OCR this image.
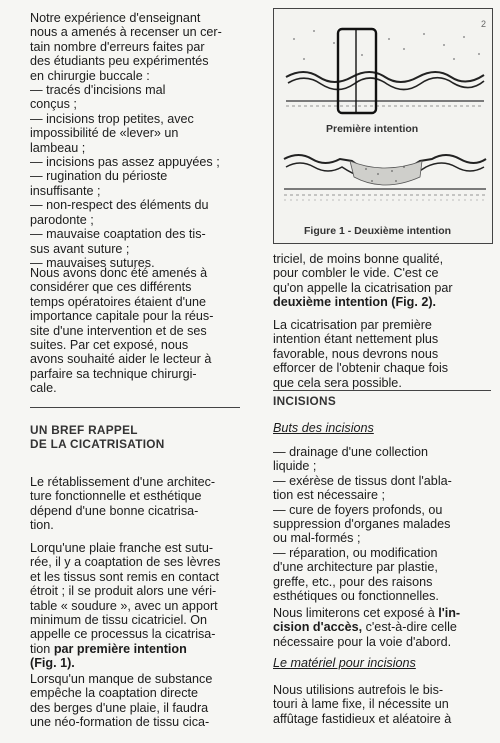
Notre expérience d'enseignant
nous a amenés à recenser un cer-
tain nombre d'erreurs faites par
des étudiants peu expérimentés
en chirurgie buccale :
— tracés d'incisions mal
conçus ;
— incisions trop petites, avec
impossibilité de «lever» un
lambeau ;
— incisions pas assez appuyées ;
— rugination du périoste
insuffisante ;
— non-respect des éléments du
parodonte ;
— mauvaise coaptation des tis-
sus avant suture ;
— mauvaises sutures.

Nous avons donc été amenés à
considérer que ces différents
temps opératoires étaient d'une
importance capitale pour la réus-
site d'une intervention et de ses
suites. Par cet exposé, nous
avons souhaité aider le lecteur à
parfaire sa technique chirurgi-
cale.

UN BREF RAPPEL
DE LA CICATRISATION

Le rétablissement d'une architec-
ture fonctionnelle et esthétique
dépend d'une bonne cicatrisa-
tion.

Lorqu'une plaie franche est sutu-
rée, il y a coaptation de ses lèvres
et les tissus sont remis en contact
étroit ; il se produit alors une véri-
table « soudure », avec un apport
minimum de tissu cicatriciel. On
appelle ce processus la cicatrisa-

tion par première intention
(Fig. 1).

Lorsqu'un manque de substance
empêche la coaptation directe
des berges d'une plaie, il faudra
une néo-formation de tissu cica-

2
Première intention
Figure 1 - Deuxième intention

triciel, de moins bonne qualité,
pour combler le vide. C'est ce
qu'on appelle la cicatrisation par

deuxième intention (Fig. 2).

La cicatrisation par première
intention étant nettement plus
favorable, nous devrons nous
efforcer de l'obtenir chaque fois
que cela sera possible.

INCISIONS

Buts des incisions

— drainage d'une collection
liquide ;
— exérèse de tissus dont l'abla-
tion est nécessaire ;
— cure de foyers profonds, ou
suppression d'organes malades
ou mal-formés ;
— réparation, ou modification
d'une architecture par plastie,
greffe, etc., pour des raisons
esthétiques ou fonctionnelles.

Nous limiterons cet exposé à l'in-
cision d'accès, c'est-à-dire celle
nécessaire pour la voie d'abord.

Le matériel pour incisions

Nous utilisions autrefois le bis-
touri à lame fixe, il nécessite un
affûtage fastidieux et aléatoire à
